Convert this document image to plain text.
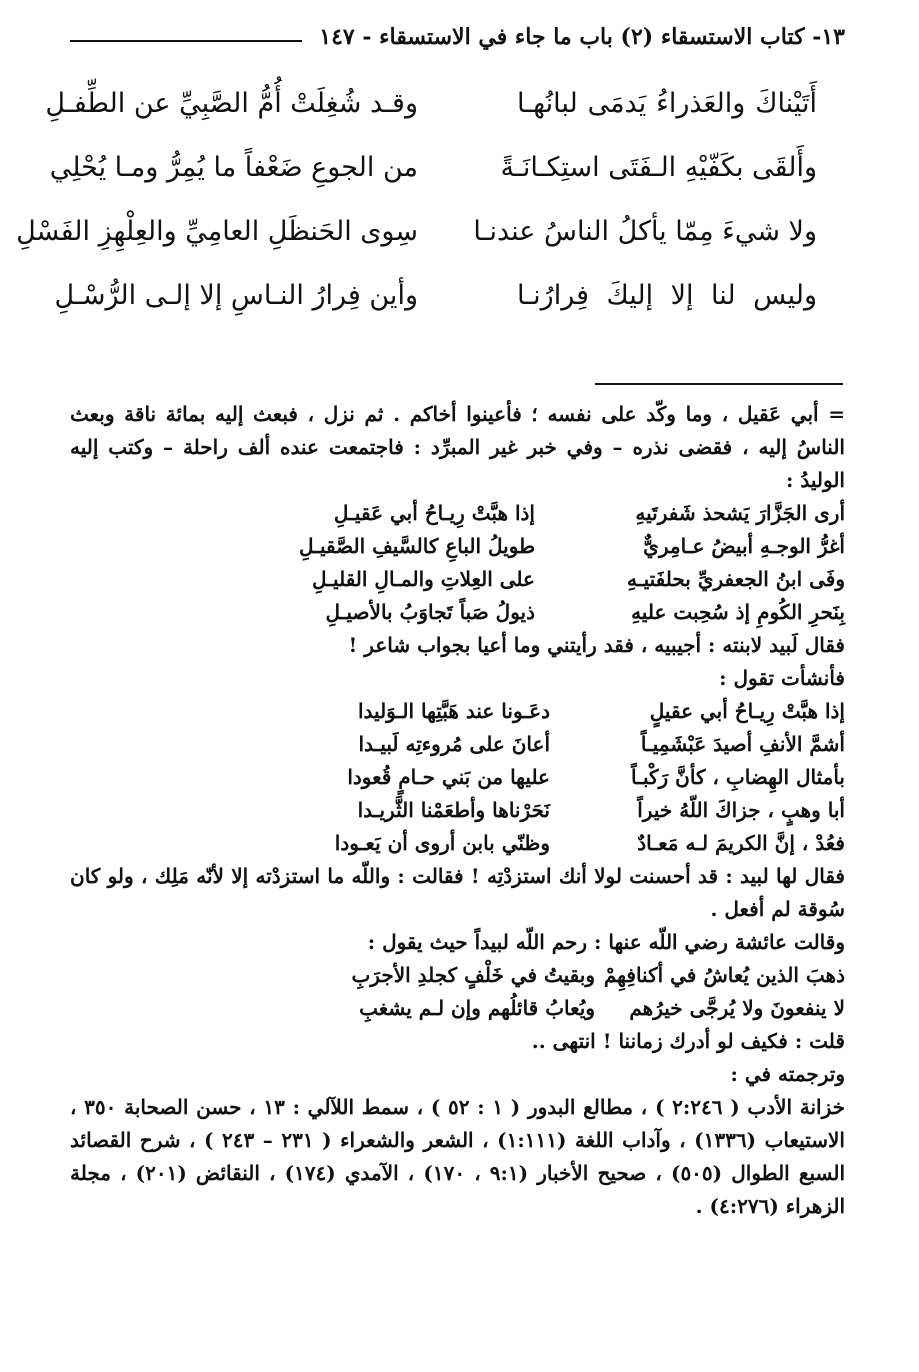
١٣- كتاب الاستسقاء (٢) باب ما جاء في الاستسقاء - ١٤٧
أَتَيْناكَ والعَذراءُ يَدمَى لبانُهـا
وقـد شُغِلَتْ أُمُّ الصَّبِيِّ عن الطِّفـلِ
وأَلقَى بكَفّيْهِ الـفَتَى استِكـانَـةً
من الجوعِ ضَعْفاً ما يُمِرُّ ومـا يُحْلِي
ولا شيءَ مِمّا يأكلُ الناسُ عندنـا
سِوى الحَنظَلِ العامِيِّ والعِلْهِزِ الفَسْلِ
وليس لنا إلا إليكَ فِرارُنـا
وأين فِرارُ النـاسِ إلا إلـى الرُّسْـلِ
= أبي عَقيل ، وما وكّد على نفسه ؛ فأعينوا أخاكم . ثم نزل ، فبعث إليه بمائة ناقة وبعث الناسُ إليه ، فقضى نذره – وفي خبر غير المبرِّد : فاجتمعت عنده ألف راحلة – وكتب إليه الوليدُ :
أرى الجَزَّارَ يَشحذ شَفرتَيهِ
إذا هبَّتْ رِيـاحُ أبي عَقيـلِ
أغرُّ الوجـهِ أبيضُ عـامِريٌّ
طويلُ الباعِ كالسَّيفِ الصَّقيـلِ
وفَى ابنُ الجعفريِّ بحلفَتيـهِ
على العِلاتِ والمـالِ القليـلِ
بِنَحرِ الكُومِ إذ سُحِبت عليهِ
ذيولُ صَباً تَجاوَبُ بالأصيـلِ
فقال لَبيد لابنته : أجيبيه ، فقد رأيتني وما أعيا بجواب شاعر !
فأنشأت تقول :
إذا هبَّتْ رِيـاحُ أبي عقيلٍ
دعَـونا عند هَبَّتِها الـوَليدا
أشمَّ الأنفِ أصيدَ عَبْشَمِيـاً
أعانَ على مُروءتِه لَبيـدا
بأمثال الهِضابِ ، كأنَّ رَكْبـاً
عليها من بَني حـامٍ قُعودا
أبا وهبٍ ، جزاكَ اللّهُ خيراً
نَحَرْناها وأطعَمْنا الثَّريـدا
فعُدْ ، إنَّ الكريمَ لـه مَعـادٌ
وظنّي بابن أروى أن يَعـودا
فقال لها لبيد : قد أحسنت لولا أنك استزدْتِه ! فقالت : واللّه ما استزدْته إلا لأنّه مَلِك ، ولو كان سُوقة لم أفعل .
وقالت عائشة رضي اللّه عنها : رحم اللّه لبيداً حيث يقول :
ذهبَ الذين يُعاشُ في أكنافِهِمْ
وبقيتُ في خَلْفٍ كجلدِ الأجرَبِ
لا ينفعونَ ولا يُرجَّى خيرُهم
ويُعابُ قائلُهم وإن لـم يشغبِ
قلت : فكيف لو أدرك زماننا ! انتهى ..
وترجمته في :
خزانة الأدب ( ٢:٢٤٦ ) ، مطالع البدور ( ١ : ٥٢ ) ، سمط اللآلي : ١٣ ، حسن الصحابة ٣٥٠ ، الاستيعاب (١٣٣٦) ، وآداب اللغة (١:١١١) ، الشعر والشعراء ( ٢٣١ – ٢٤٣ ) ، شرح القصائد السبع الطوال (٥٠٥) ، صحيح الأخبار (٩:١ ، ١٧٠) ، الآمدي (١٧٤) ، النقائض (٢٠١) ، مجلة الزهراء (٤:٢٧٦) .
